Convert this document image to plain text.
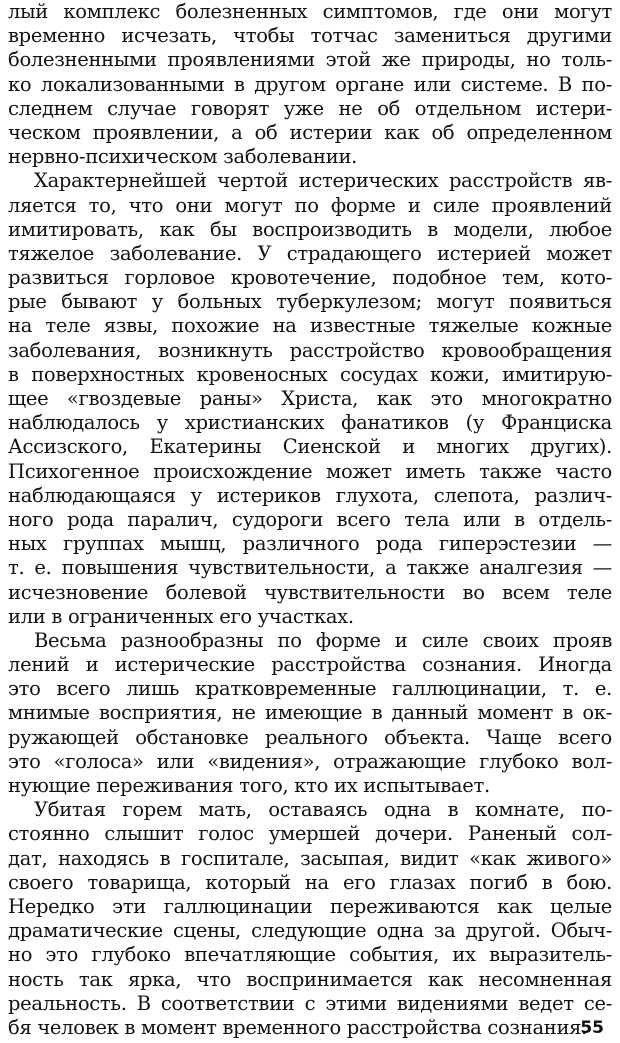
лый комплекс болезненных симптомов, где они могут
временно исчезать, чтобы тотчас замениться другими
болезненными проявлениями этой же природы, но толь-
ко локализованными в другом органе или системе. В по-
следнем случае говорят уже не об отдельном истери-
ческом проявлении, а об истерии как об определенном
нервно-психическом заболевании.
Характернейшей чертой истерических расстройств яв-
ляется то, что они могут по форме и силе проявлений
имитировать, как бы воспроизводить в модели, любое
тяжелое заболевание. У страдающего истерией может
развиться горловое кровотечение, подобное тем, кото-
рые бывают у больных туберкулезом; могут появиться
на теле язвы, похожие на известные тяжелые кожные
заболевания, возникнуть расстройство кровообращения
в поверхностных кровеносных сосудах кожи, имитирую-
щее «гвоздевые раны» Христа, как это многократно
наблюдалось у христианских фанатиков (у Франциска
Ассизского, Екатерины Сиенской и многих других).
Психогенное происхождение может иметь также часто
наблюдающаяся у истериков глухота, слепота, различ-
ного рода паралич, судороги всего тела или в отдель-
ных группах мышц, различного рода гиперэстезии —
т. е. повышения чувствительности, а также аналгезия —
исчезновение болевой чувствительности во всем теле
или в ограниченных его участках.
Весьма разнообразны по форме и силе своих прояв
лений и истерические расстройства сознания. Иногда
это всего лишь кратковременные галлюцинации, т. е.
мнимые восприятия, не имеющие в данный момент в ок-
ружающей обстановке реального объекта. Чаще всего
это «голоса» или «видения», отражающие глубоко вол-
нующие переживания того, кто их испытывает.
Убитая горем мать, оставаясь одна в комнате, по-
стоянно слышит голос умершей дочери. Раненый сол-
дат, находясь в госпитале, засыпая, видит «как живого»
своего товарища, который на его глазах погиб в бою.
Нередко эти галлюцинации переживаются как целые
драматические сцены, следующие одна за другой. Обыч-
но это глубоко впечатляющие события, их выразитель-
ность так ярка, что воспринимается как несомненная
реальность. В соответствии с этими видениями ведет се-
бя человек в момент временного расстройства сознания.
55
